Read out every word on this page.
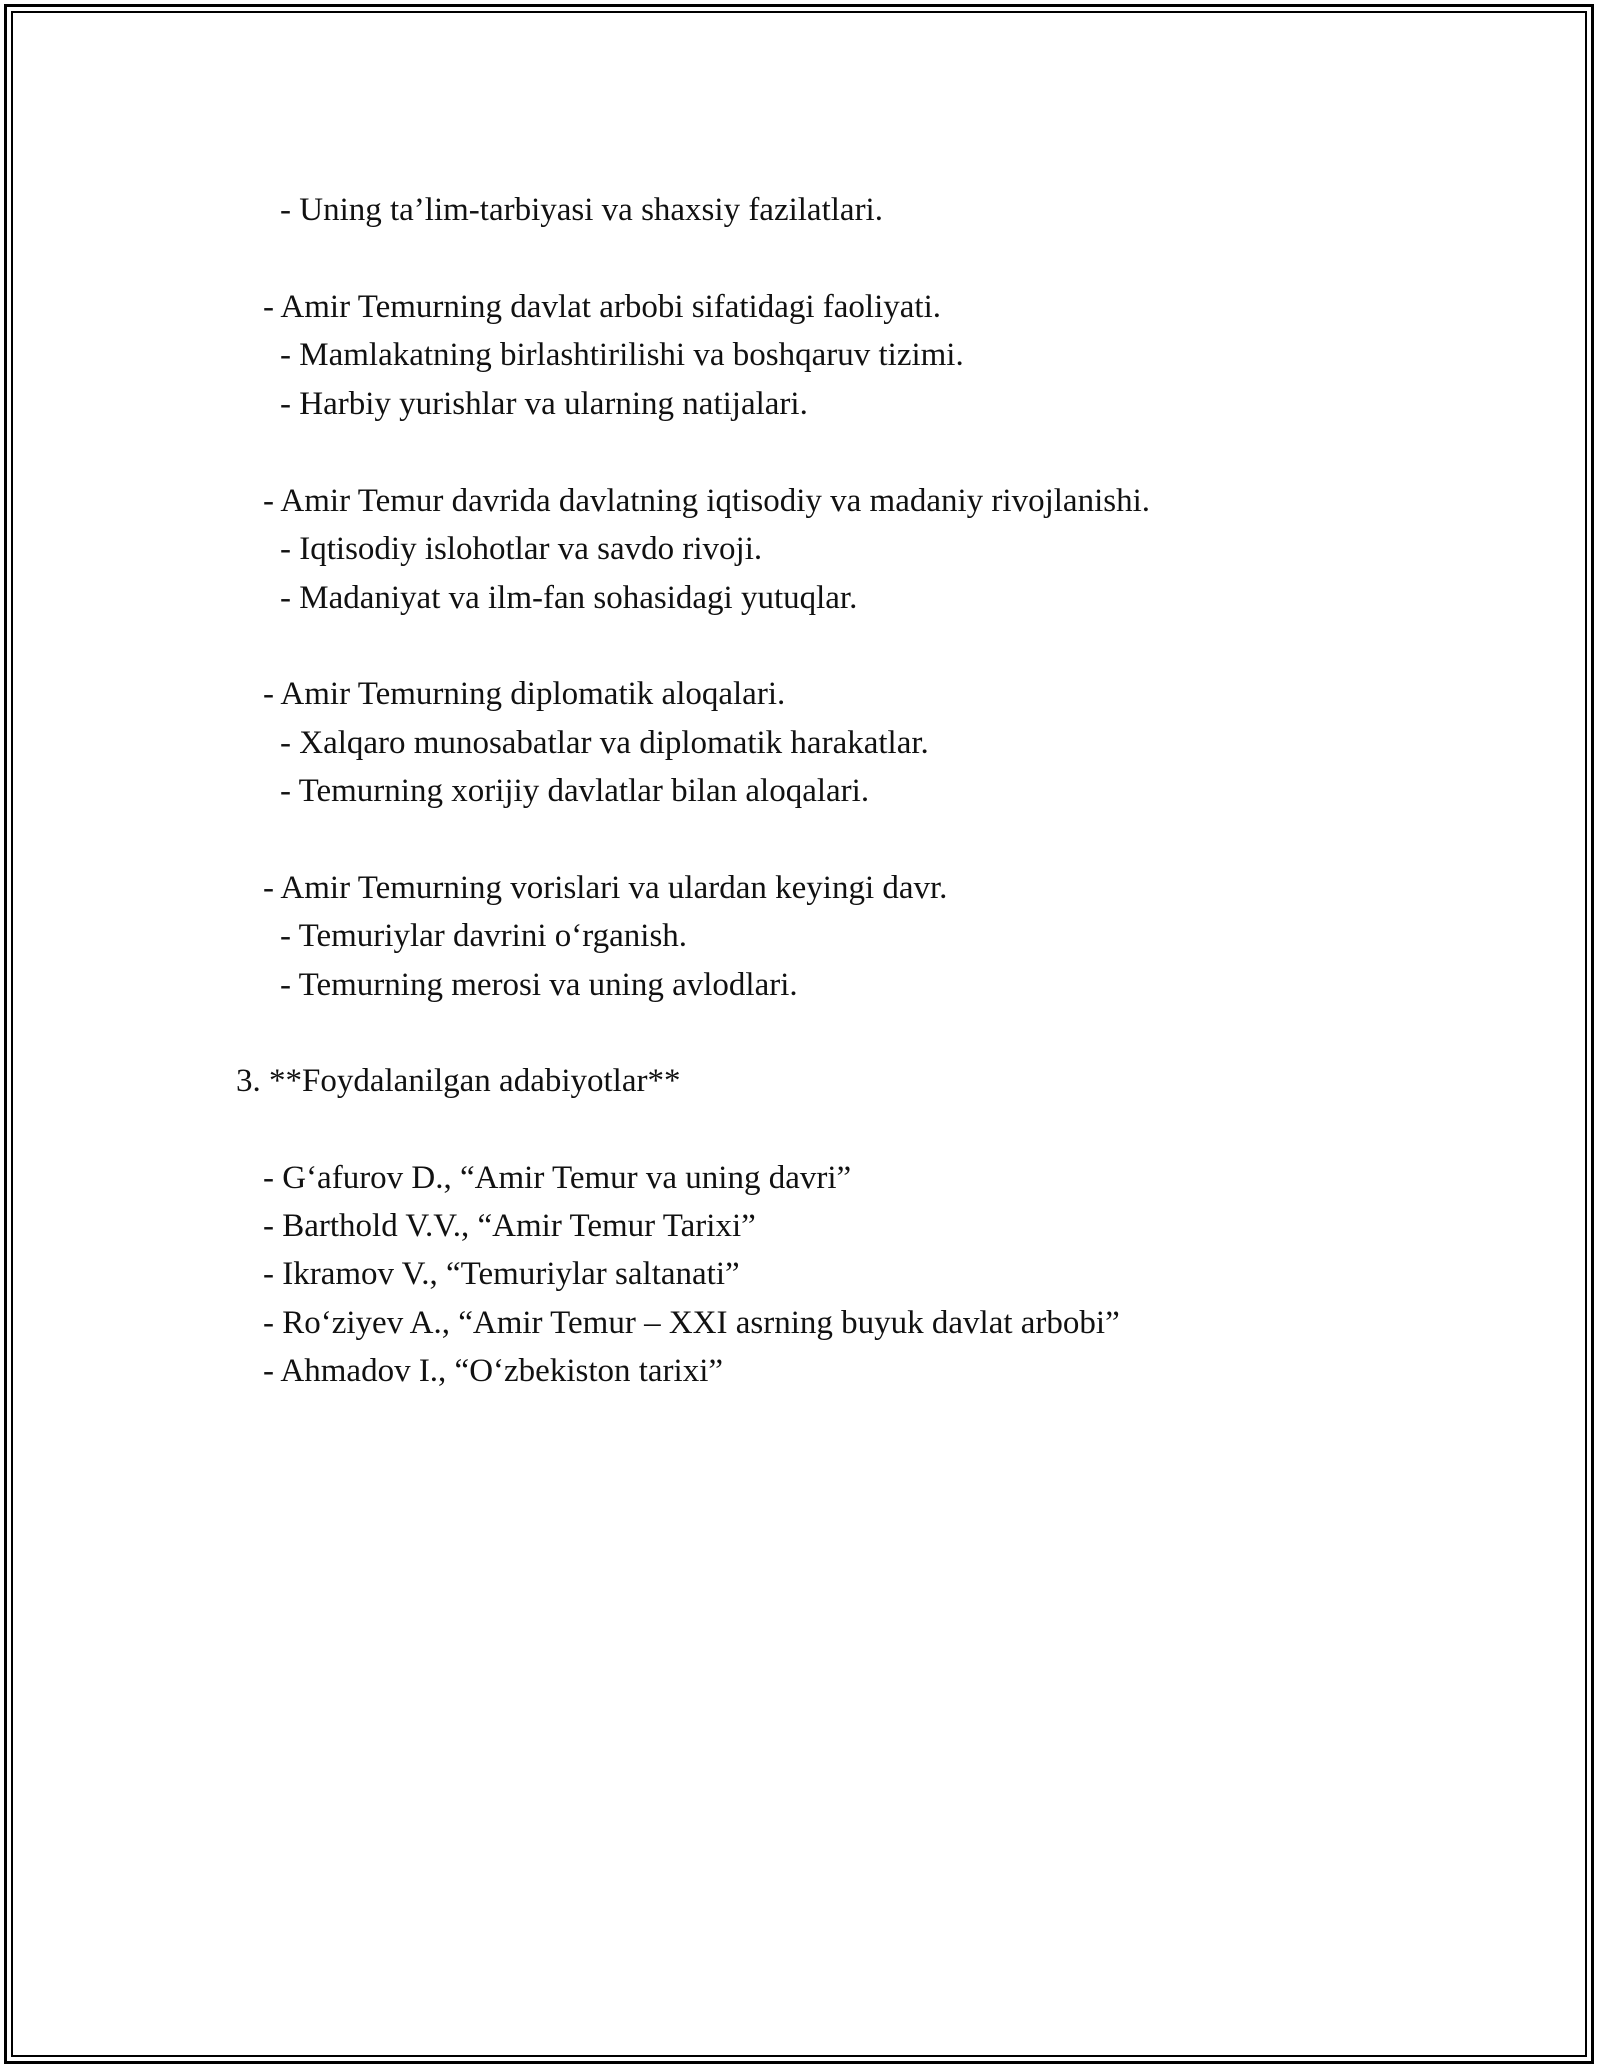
- Uning ta’lim-tarbiyasi va shaxsiy fazilatlari.
- Amir Temurning davlat arbobi sifatidagi faoliyati.
- Mamlakatning birlashtirilishi va boshqaruv tizimi.
- Harbiy yurishlar va ularning natijalari.
- Amir Temur davrida davlatning iqtisodiy va madaniy rivojlanishi.
- Iqtisodiy islohotlar va savdo rivoji.
- Madaniyat va ilm-fan sohasidagi yutuqlar.
- Amir Temurning diplomatik aloqalari.
- Xalqaro munosabatlar va diplomatik harakatlar.
- Temurning xorijiy davlatlar bilan aloqalari.
- Amir Temurning vorislari va ulardan keyingi davr.
- Temuriylar davrini o‘rganish.
- Temurning merosi va uning avlodlari.
3. **Foydalanilgan adabiyotlar**
- G‘afurov D., “Amir Temur va uning davri”
- Barthold V.V., “Amir Temur Tarixi”
- Ikramov V., “Temuriylar saltanati”
- Ro‘ziyev A., “Amir Temur – XXI asrning buyuk davlat arbobi”
- Ahmadov I., “O‘zbekiston tarixi”
